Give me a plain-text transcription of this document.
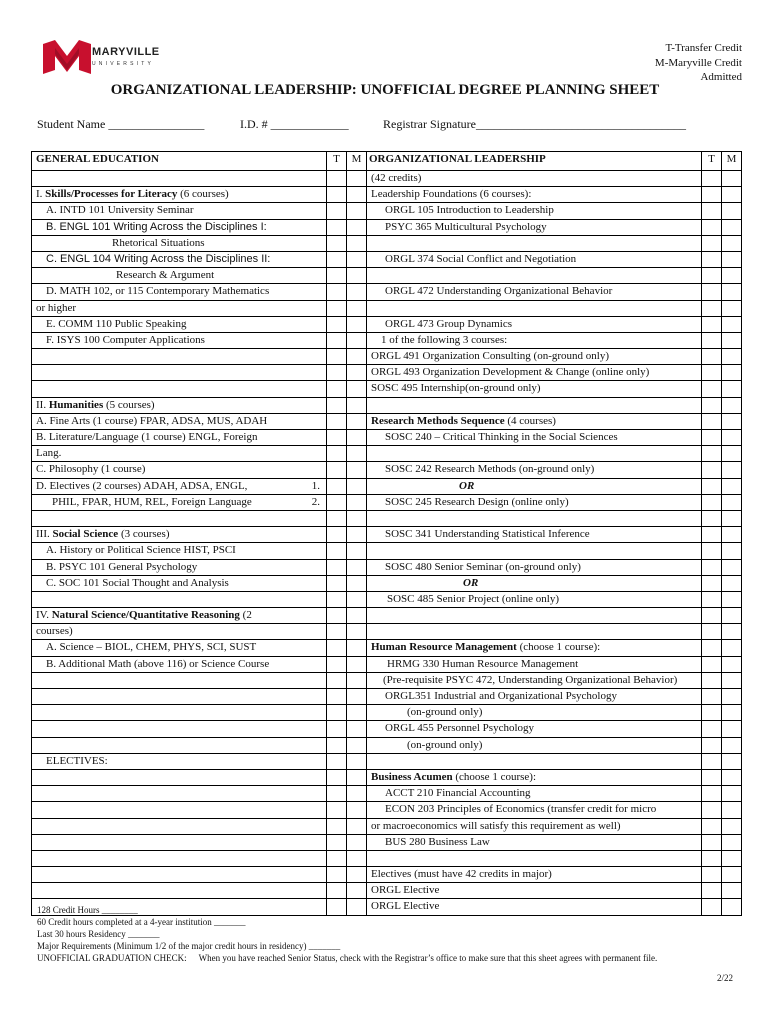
MARYVILLE
UNIVERSITY
T-Transfer Credit
M-Maryville Credit
Admitted
ORGANIZATIONAL LEADERSHIP: UNOFFICIAL DEGREE PLANNING SHEET
Student Name ________________	I.D. # _____________	Registrar Signature___________________________________
GENERAL EDUCATION	T	M	ORGANIZATIONAL LEADERSHIP	T	M
			(42 credits)		
I. Skills/Processes for Literacy (6 courses)			Leadership Foundations (6 courses):		
A. INTD 101 University Seminar			ORGL 105 Introduction to Leadership		
B. ENGL 101 Writing Across the Disciplines I:			PSYC 365 Multicultural Psychology		
Rhetorical Situations					
C. ENGL 104 Writing Across the Disciplines II:			ORGL 374 Social Conflict and Negotiation		
Research & Argument					
D. MATH 102, or 115 Contemporary Mathematics			ORGL 472 Understanding Organizational Behavior		
or higher					
E. COMM 110 Public Speaking			ORGL 473 Group Dynamics		
F. ISYS 100 Computer Applications			1 of the following 3 courses:		
			ORGL 491 Organization Consulting (on-ground only)		
			ORGL 493 Organization Development & Change (online only)		
			SOSC 495 Internship(on-ground only)		
II. Humanities (5 courses)					
A. Fine Arts (1 course) FPAR, ADSA, MUS, ADAH			Research Methods Sequence (4 courses)		
B. Literature/Language (1 course) ENGL, Foreign			SOSC 240 – Critical Thinking in the Social Sciences		
Lang.					
C. Philosophy (1 course)			SOSC 242 Research Methods (on-ground only)		
D. Electives (2 courses) ADAH, ADSA, ENGL, 1.			OR		
PHIL, FPAR, HUM, REL, Foreign Language 2.			SOSC 245 Research Design (online only)		

III. Social Science (3 courses)			SOSC 341 Understanding Statistical Inference		
A. History or Political Science HIST, PSCI					
B. PSYC 101 General Psychology			SOSC 480 Senior Seminar (on-ground only)		
C. SOC 101 Social Thought and Analysis			OR		
			SOSC 485 Senior Project (online only)		
IV. Natural Science/Quantitative Reasoning (2					
courses)					
A. Science – BIOL, CHEM, PHYS, SCI, SUST			Human Resource Management (choose 1 course):		
B. Additional Math (above 116) or Science Course			HRMG 330 Human Resource Management		
			(Pre-requisite PSYC 472, Understanding Organizational Behavior)		
			ORGL351 Industrial and Organizational Psychology		
			(on-ground only)		
			ORGL 455 Personnel Psychology		
			(on-ground only)		
ELECTIVES:					
			Business Acumen (choose 1 course):		
			ACCT 210 Financial Accounting		
			ECON 203 Principles of Economics (transfer credit for micro		
			or macroeconomics will satisfy this requirement as well)		
			BUS 280 Business Law		

			Electives (must have 42 credits in major)		
			ORGL Elective		
			ORGL Elective		
128 Credit Hours ________
60 Credit hours completed at a 4-year institution _______
Last 30 hours Residency _______
Major Requirements (Minimum 1/2 of the major credit hours in residency) _______
UNOFFICIAL GRADUATION CHECK: When you have reached Senior Status, check with the Registrar’s office to make sure that this sheet agrees with permanent file.
2/22
